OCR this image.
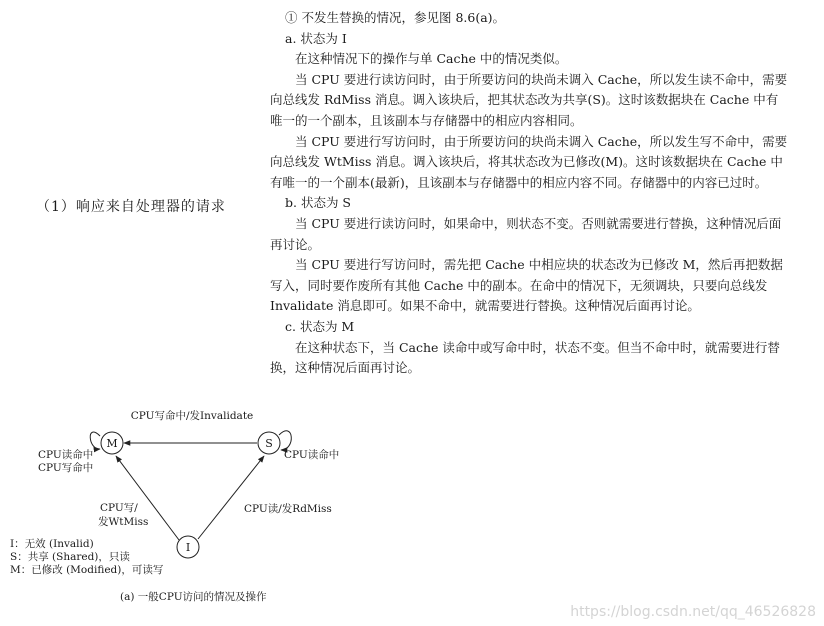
（1）响应来自处理器的请求

① 不发生替换的情况，参见图 8.6(a)。

a. 状态为 I

在这种情况下的操作与单 Cache 中的情况类似。

当 CPU 要进行读访问时，由于所要访问的块尚未调入 Cache，所以发生读不命中，需要向总线发 RdMiss 消息。调入该块后，把其状态改为共享(S)。这时该数据块在 Cache 中有唯一的一个副本，且该副本与存储器中的相应内容相同。

当 CPU 要进行写访问时，由于所要访问的块尚未调入 Cache，所以发生写不命中，需要向总线发 WtMiss 消息。调入该块后，将其状态改为已修改(M)。这时该数据块在 Cache 中有唯一的一个副本(最新)，且该副本与存储器中的相应内容不同。存储器中的内容已过时。

b. 状态为 S

当 CPU 要进行读访问时，如果命中，则状态不变。否则就需要进行替换，这种情况后面再讨论。

当 CPU 要进行写访问时，需先把 Cache 中相应块的状态改为已修改 M，然后再把数据写入，同时要作废所有其他 Cache 中的副本。在命中的情况下，无须调块，只要向总线发 Invalidate 消息即可。如果不命中，就需要进行替换。这种情况后面再讨论。

c. 状态为 M

在这种状态下，当 Cache 读命中或写命中时，状态不变。但当不命中时，就需要进行替换，这种情况后面再讨论。

CPU写命中/发Invalidate
CPU写/
发WtMiss
CPU读/发RdMiss
CPU读命中
CPU写命中
CPU读命中
M	S
I
I：无效 (Invalid)
S：共享 (Shared)，只读
M：已修改 (Modified)，可读写
(a) 一般CPU访问的情况及操作
https://blog.csdn.net/qq_46526828
